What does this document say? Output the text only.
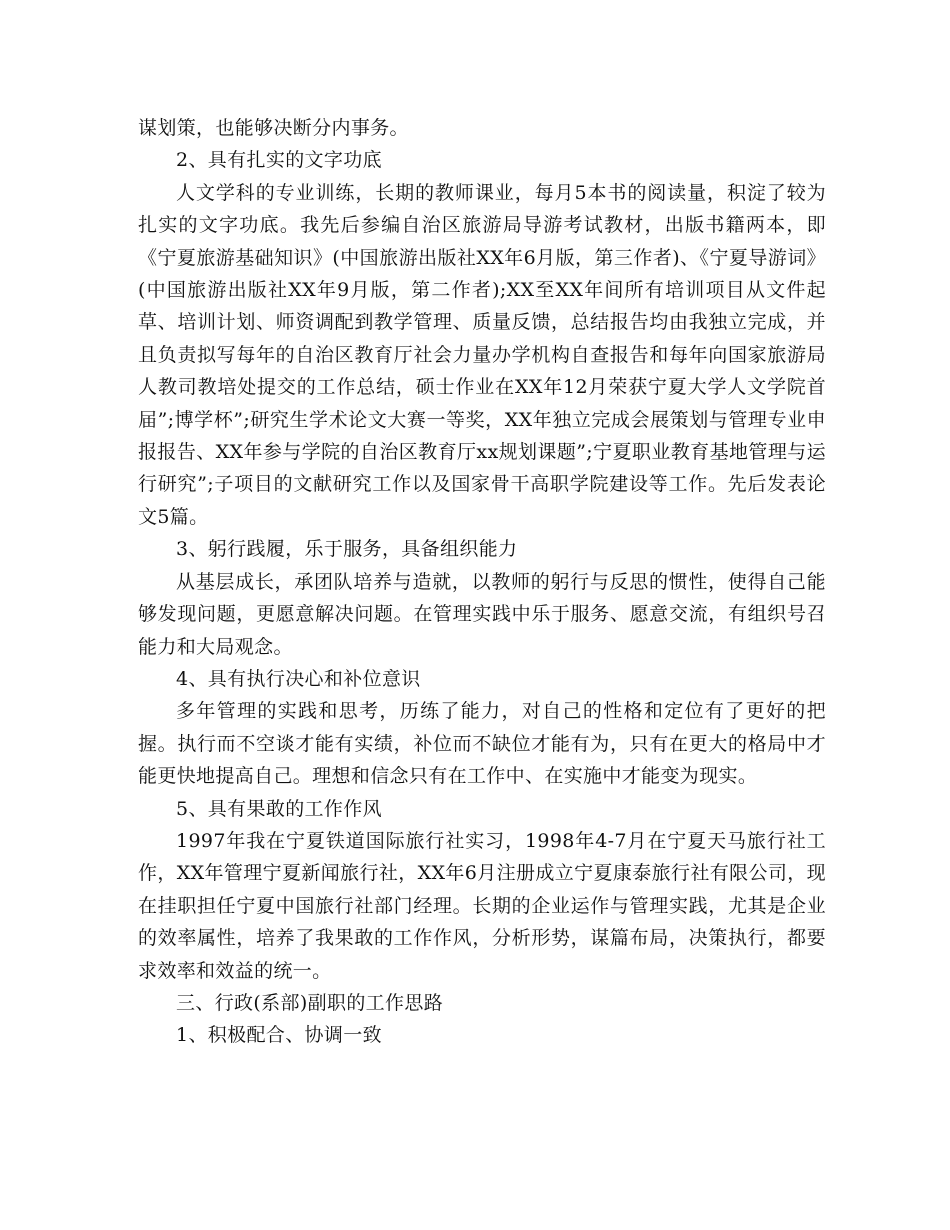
谋划策，也能够决断分内事务。

2、具有扎实的文字功底

人文学科的专业训练，长期的教师课业，每月5本书的阅读量，积淀了较为扎实的文字功底。我先后参编自治区旅游局导游考试教材，出版书籍两本，即《宁夏旅游基础知识》(中国旅游出版社XX年6月版，第三作者)、《宁夏导游词》(中国旅游出版社XX年9月版，第二作者);XX至XX年间所有培训项目从文件起草、培训计划、师资调配到教学管理、质量反馈，总结报告均由我独立完成，并且负责拟写每年的自治区教育厅社会力量办学机构自查报告和每年向国家旅游局人教司教培处提交的工作总结，硕士作业在XX年12月荣获宁夏大学人文学院首届”;博学杯”;研究生学术论文大赛一等奖，XX年独立完成会展策划与管理专业申报报告、XX年参与学院的自治区教育厅xx规划课题”;宁夏职业教育基地管理与运行研究”;子项目的文献研究工作以及国家骨干高职学院建设等工作。先后发表论文5篇。

3、躬行践履，乐于服务，具备组织能力

从基层成长，承团队培养与造就，以教师的躬行与反思的惯性，使得自己能够发现问题，更愿意解决问题。在管理实践中乐于服务、愿意交流，有组织号召能力和大局观念。

4、具有执行决心和补位意识

多年管理的实践和思考，历练了能力，对自己的性格和定位有了更好的把握。执行而不空谈才能有实绩，补位而不缺位才能有为，只有在更大的格局中才能更快地提高自己。理想和信念只有在工作中、在实施中才能变为现实。

5、具有果敢的工作作风

1997年我在宁夏铁道国际旅行社实习，1998年4-7月在宁夏天马旅行社工作，XX年管理宁夏新闻旅行社，XX年6月注册成立宁夏康泰旅行社有限公司，现在挂职担任宁夏中国旅行社部门经理。长期的企业运作与管理实践，尤其是企业的效率属性，培养了我果敢的工作作风，分析形势，谋篇布局，决策执行，都要求效率和效益的统一。

三、行政(系部)副职的工作思路

1、积极配合、协调一致
